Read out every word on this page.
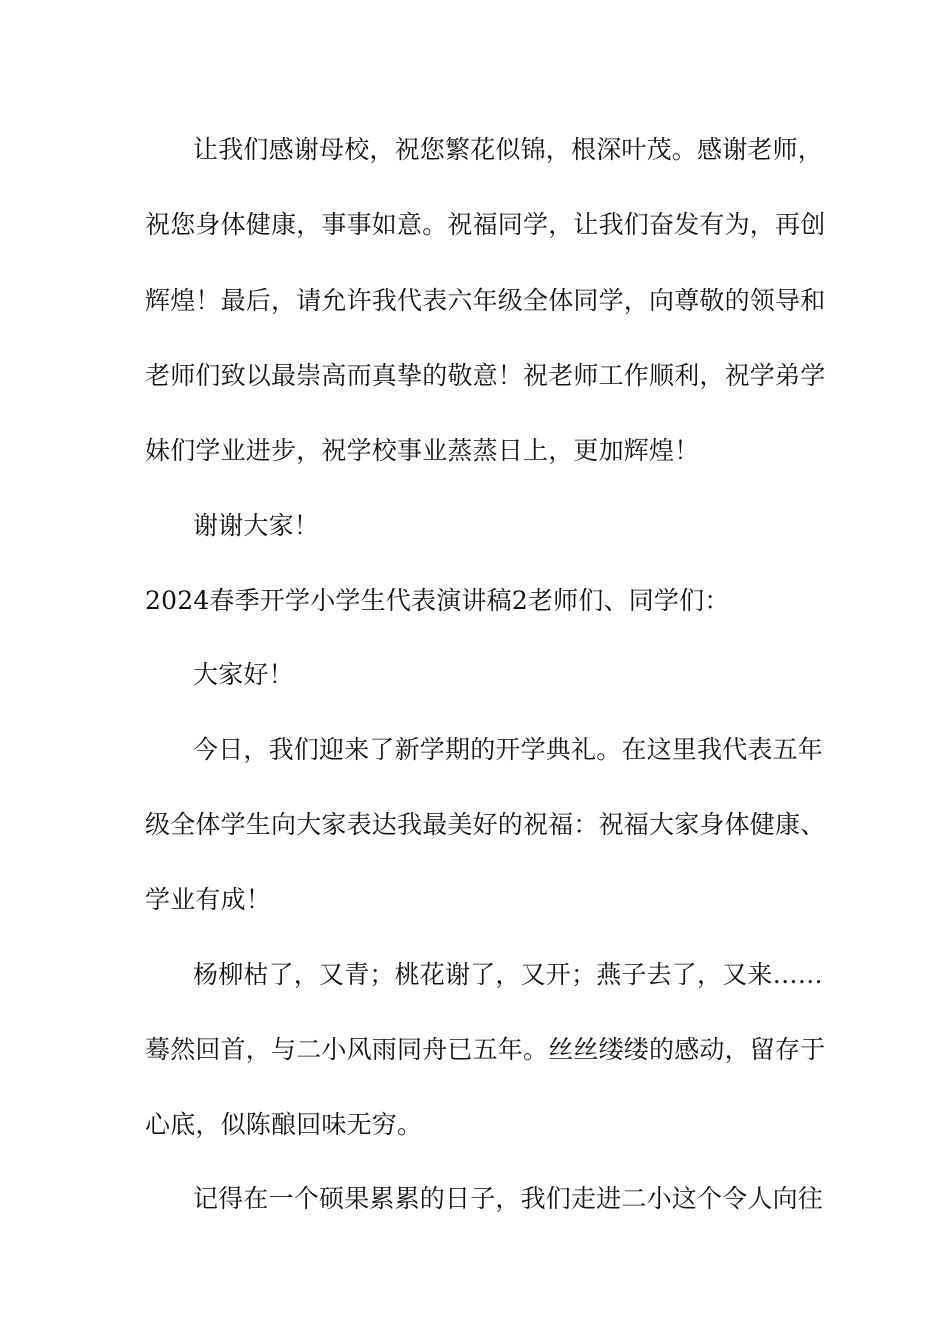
让我们感谢母校，祝您繁花似锦，根深叶茂。感谢老师，
祝您身体健康，事事如意。祝福同学，让我们奋发有为，再创
辉煌！最后，请允许我代表六年级全体同学，向尊敬的领导和
老师们致以最崇高而真挚的敬意！祝老师工作顺利，祝学弟学
妹们学业进步，祝学校事业蒸蒸日上，更加辉煌！
谢谢大家！
2024春季开学小学生代表演讲稿2老师们、同学们：
大家好！
今日，我们迎来了新学期的开学典礼。在这里我代表五年
级全体学生向大家表达我最美好的祝福：祝福大家身体健康、
学业有成！
杨柳枯了，又青；桃花谢了，又开；燕子去了，又来……
蓦然回首，与二小风雨同舟已五年。丝丝缕缕的感动，留存于
心底，似陈酿回味无穷。
记得在一个硕果累累的日子，我们走进二小这个令人向往
